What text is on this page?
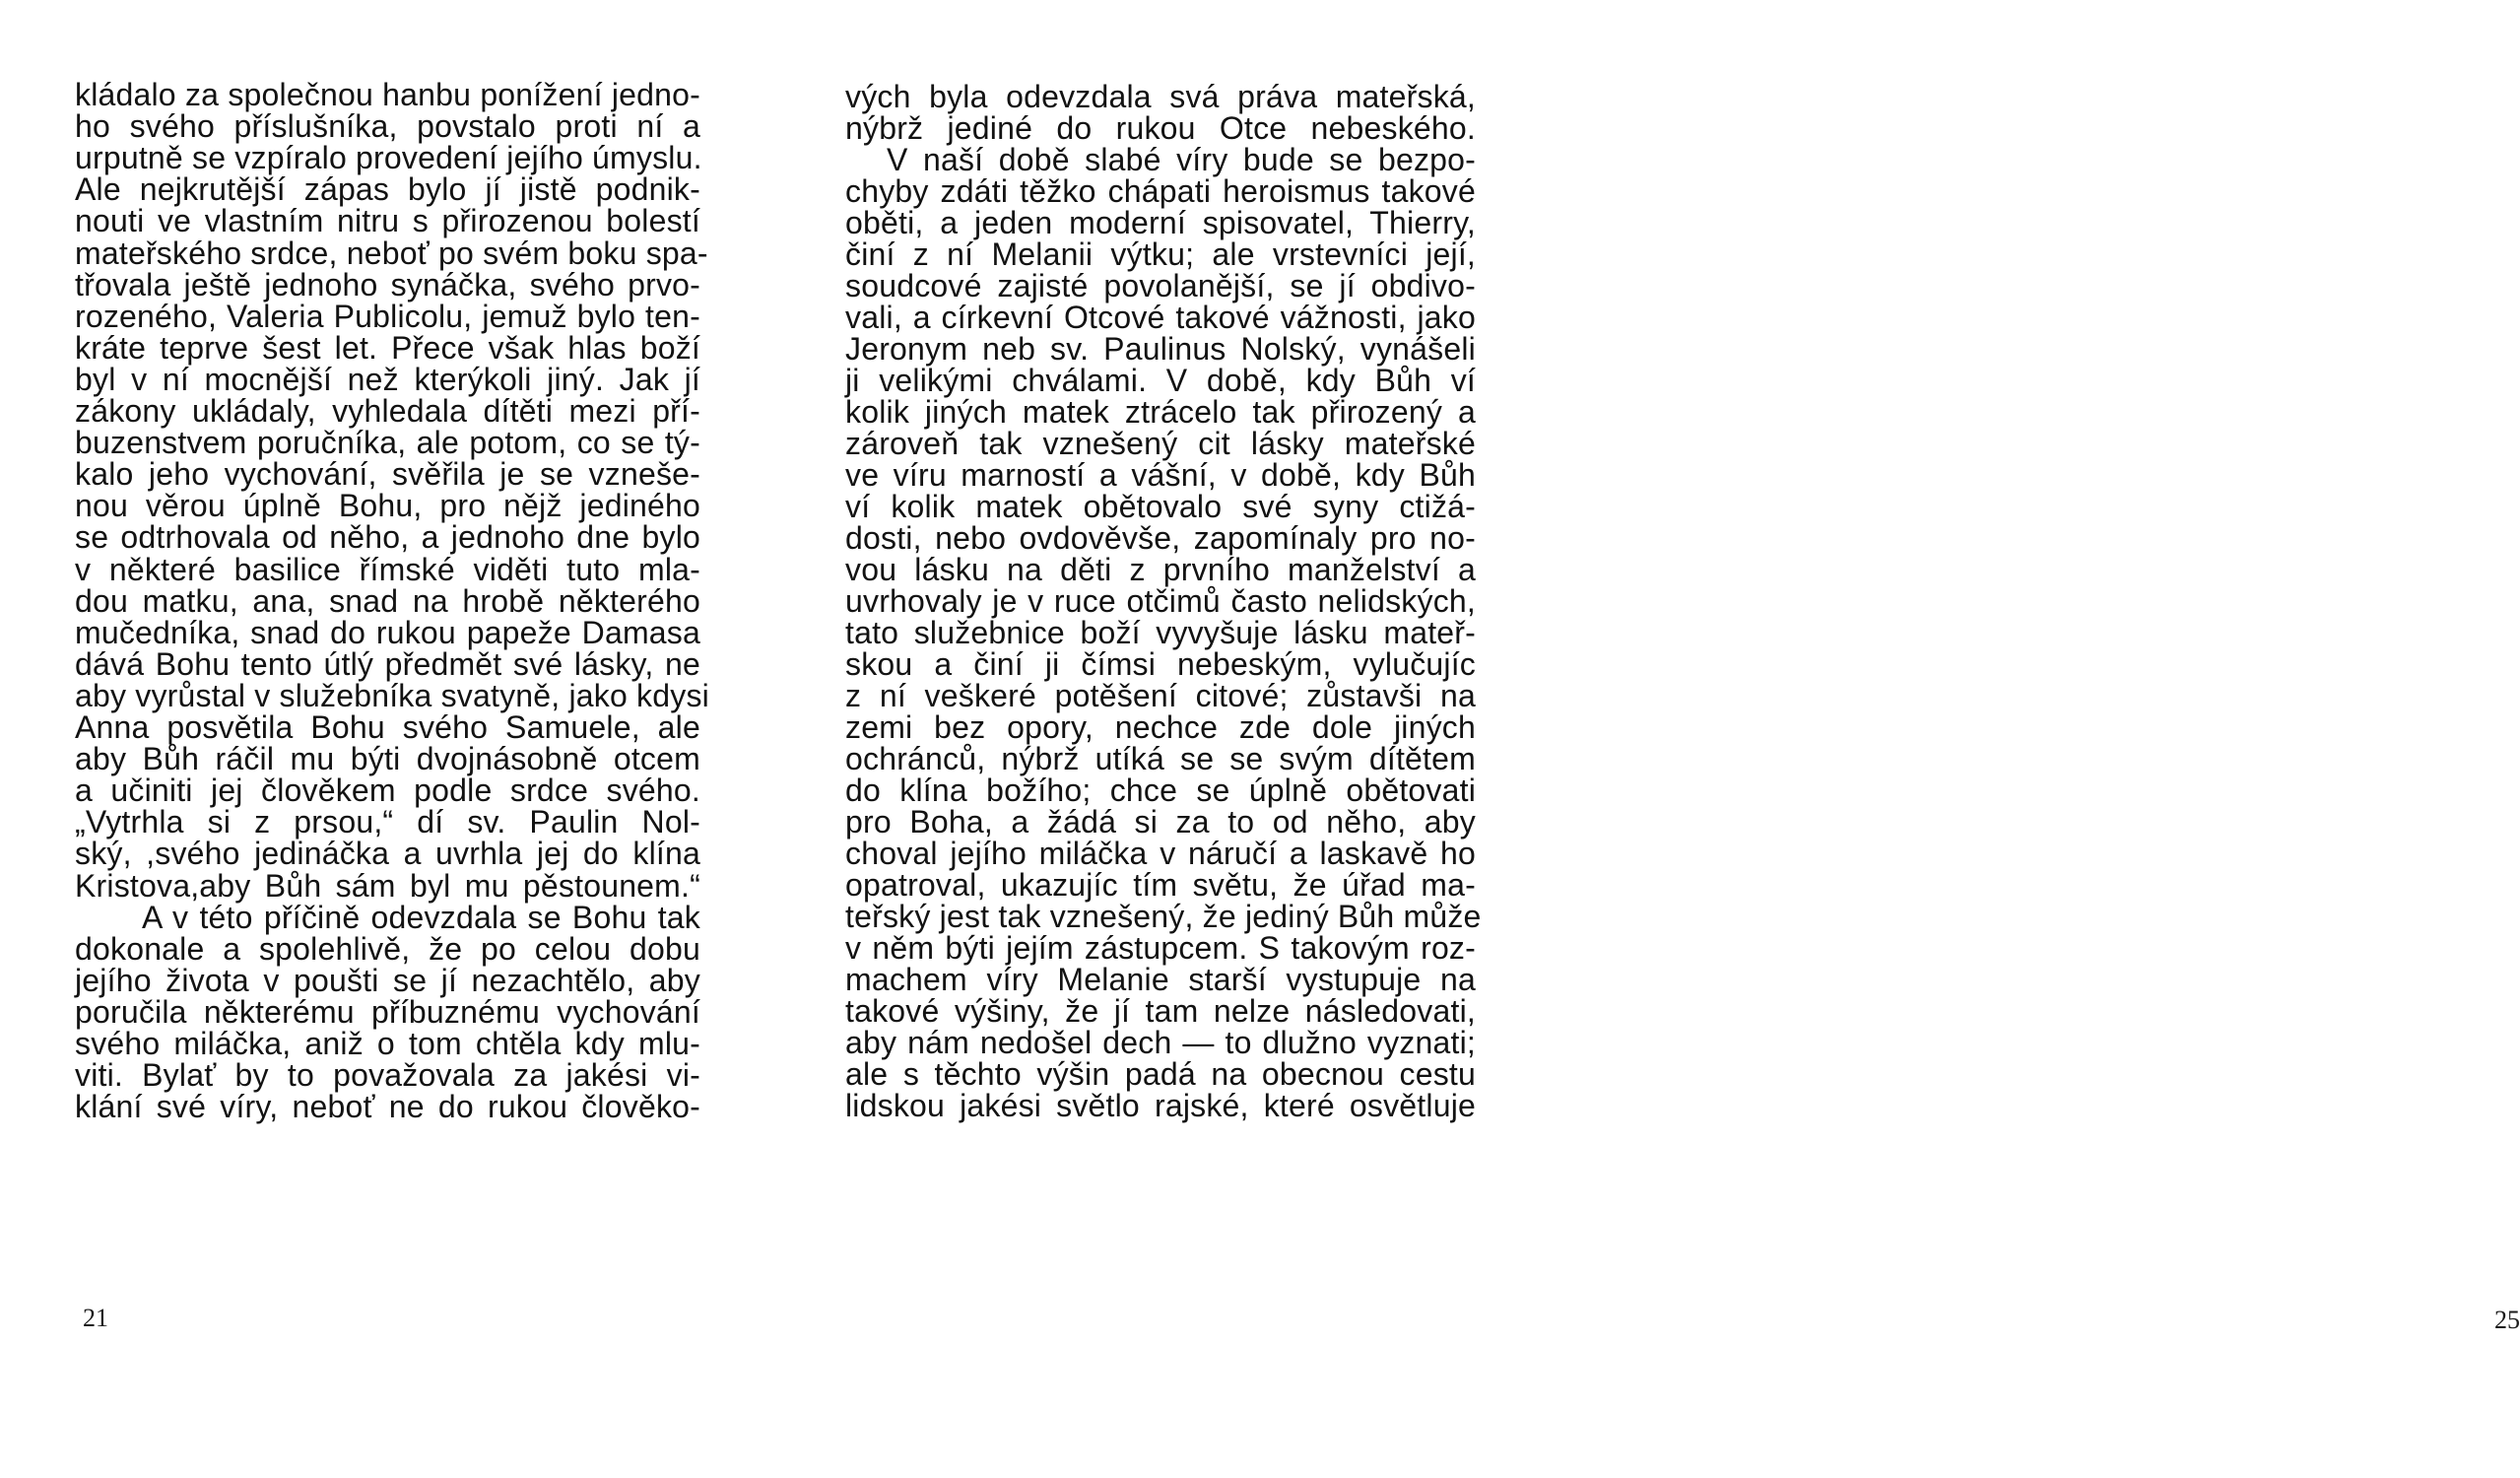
kládalo za společnou hanbu ponížení jedno-
ho svého příslušníka, povstalo proti ní a
urputně se vzpíralo provedení jejího úmyslu.
Ale nejkrutější zápas bylo jí jistě podnik-
nouti ve vlastním nitru s přirozenou bolestí
mateřského srdce, neboť po svém boku spa-
třovala ještě jednoho synáčka, svého prvo-
rozeného, Valeria Publicolu, jemuž bylo ten-
kráte teprve šest let. Přece však hlas boží
byl v ní mocnější než kterýkoli jiný. Jak jí
zákony ukládaly, vyhledala dítěti mezi pří-
buzenstvem poručníka, ale potom, co se tý-
kalo jeho vychování, svěřila je se vzneše-
nou věrou úplně Bohu, pro nějž jediného
se odtrhovala od něho, a jednoho dne bylo
v některé basilice římské viděti tuto mla-
dou matku, ana, snad na hrobě některého
mučedníka, snad do rukou papeže Damasa
dává Bohu tento útlý předmět své lásky, ne
aby vyrůstal v služebníka svatyně, jako kdysi
Anna posvětila Bohu svého Samuele, ale
aby Bůh ráčil mu býti dvojnásobně otcem
a učiniti jej člověkem podle srdce svého.
„Vytrhla si z prsou,“ dí sv. Paulin Nol-
ský, ,svého jedináčka a uvrhla jej do klína
Kristova,aby Bůh sám byl mu pěstounem.“
A v této příčině odevzdala se Bohu tak
dokonale a spolehlivě, že po celou dobu
jejího života v poušti se jí nezachtělo, aby
poručila některému příbuznému vychování
svého miláčka, aniž o tom chtěla kdy mlu-
viti. Bylať by to považovala za jakési vi-
klání své víry, neboť ne do rukou člověko-
21
vých byla odevzdala svá práva mateřská,
nýbrž jediné do rukou Otce nebeského.
V naší době slabé víry bude se bezpo-
chyby zdáti těžko chápati heroismus takové
oběti, a jeden moderní spisovatel, Thierry,
činí z ní Melanii výtku; ale vrstevníci její,
soudcové zajisté povolanější, se jí obdivo-
vali, a církevní Otcové takové vážnosti, jako
Jeronym neb sv. Paulinus Nolský, vynášeli
ji velikými chválami. V době, kdy Bůh ví
kolik jiných matek ztrácelo tak přirozený a
zároveň tak vznešený cit lásky mateřské
ve víru marností a vášní, v době, kdy Bůh
ví kolik matek obětovalo své syny ctižá-
dosti, nebo ovdověvše, zapomínaly pro no-
vou lásku na děti z prvního manželství a
uvrhovaly je v ruce otčimů často nelidských,
tato služebnice boží vyvyšuje lásku mateř-
skou a činí ji čímsi nebeským, vylučujíc
z ní veškeré potěšení citové; zůstavši na
zemi bez opory, nechce zde dole jiných
ochránců, nýbrž utíká se se svým dítětem
do klína božího; chce se úplně obětovati
pro Boha, a žádá si za to od něho, aby
choval jejího miláčka v náručí a laskavě ho
opatroval, ukazujíc tím světu, že úřad ma-
teřský jest tak vznešený, že jediný Bůh může
v něm býti jejím zástupcem. S takovým roz-
machem víry Melanie starší vystupuje na
takové výšiny, že jí tam nelze následovati,
aby nám nedošel dech — to dlužno vyznati;
ale s těchto výšin padá na obecnou cestu
lidskou jakési světlo rajské, které osvětluje
25
